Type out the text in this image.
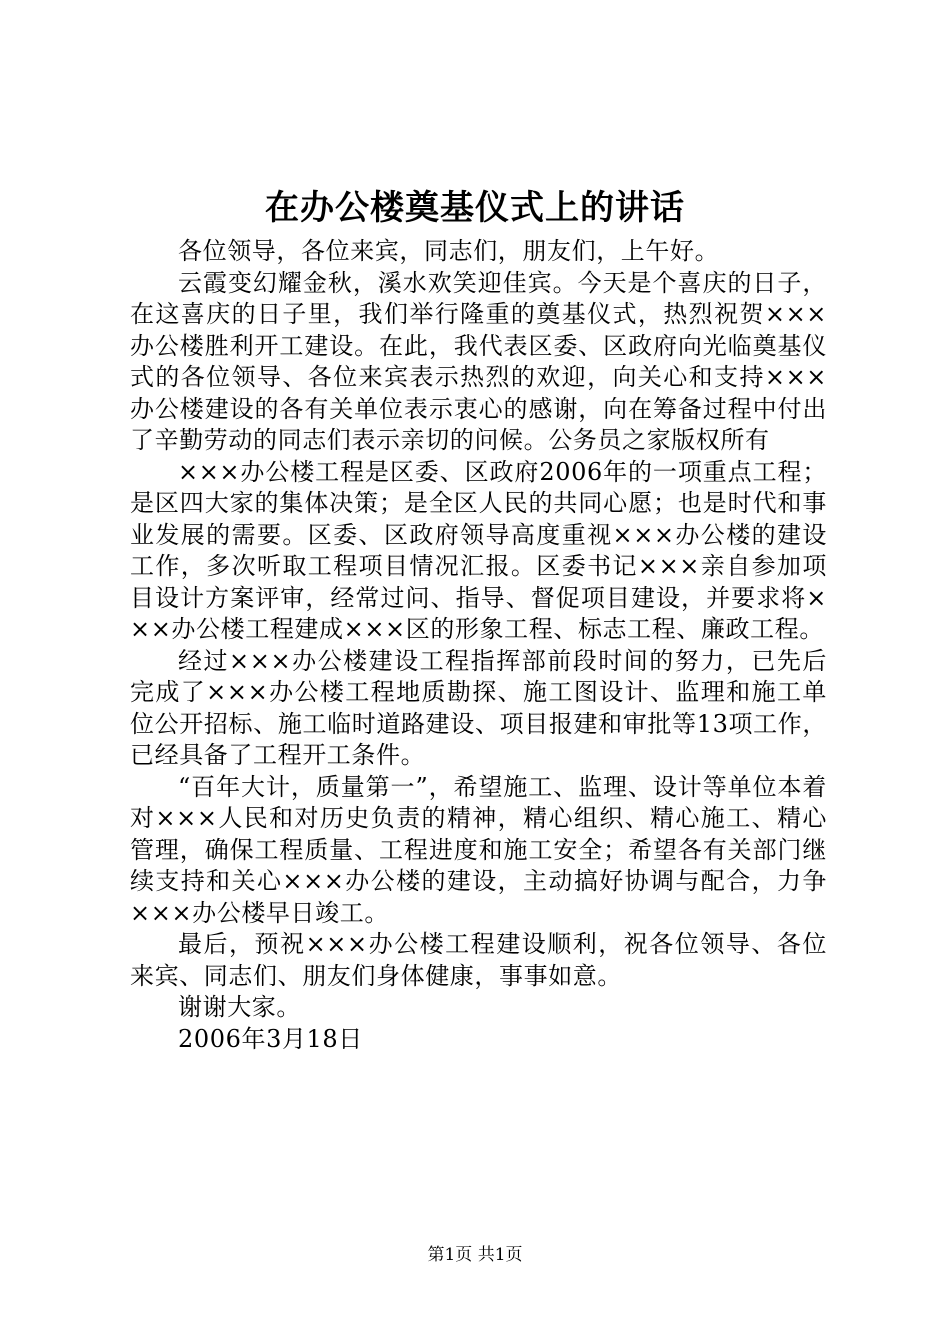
在办公楼奠基仪式上的讲话

各位领导，各位来宾，同志们，朋友们，上午好。

云霞变幻耀金秋，溪水欢笑迎佳宾。今天是个喜庆的日子，在这喜庆的日子里，我们举行隆重的奠基仪式，热烈祝贺×××办公楼胜利开工建设。在此，我代表区委、区政府向光临奠基仪式的各位领导、各位来宾表示热烈的欢迎，向关心和支持×××办公楼建设的各有关单位表示衷心的感谢，向在筹备过程中付出了辛勤劳动的同志们表示亲切的问候。公务员之家版权所有

×××办公楼工程是区委、区政府2006年的一项重点工程；是区四大家的集体决策；是全区人民的共同心愿；也是时代和事业发展的需要。区委、区政府领导高度重视×××办公楼的建设工作，多次听取工程项目情况汇报。区委书记×××亲自参加项目设计方案评审，经常过问、指导、督促项目建设，并要求将×××办公楼工程建成×××区的形象工程、标志工程、廉政工程。

经过×××办公楼建设工程指挥部前段时间的努力，已先后完成了×××办公楼工程地质勘探、施工图设计、监理和施工单位公开招标、施工临时道路建设、项目报建和审批等13项工作，已经具备了工程开工条件。

“百年大计，质量第一”，希望施工、监理、设计等单位本着对×××人民和对历史负责的精神，精心组织、精心施工、精心管理，确保工程质量、工程进度和施工安全；希望各有关部门继续支持和关心×××办公楼的建设，主动搞好协调与配合，力争×××办公楼早日竣工。

最后，预祝×××办公楼工程建设顺利，祝各位领导、各位来宾、同志们、朋友们身体健康，事事如意。

谢谢大家。

2006年3月18日

第1页 共1页
